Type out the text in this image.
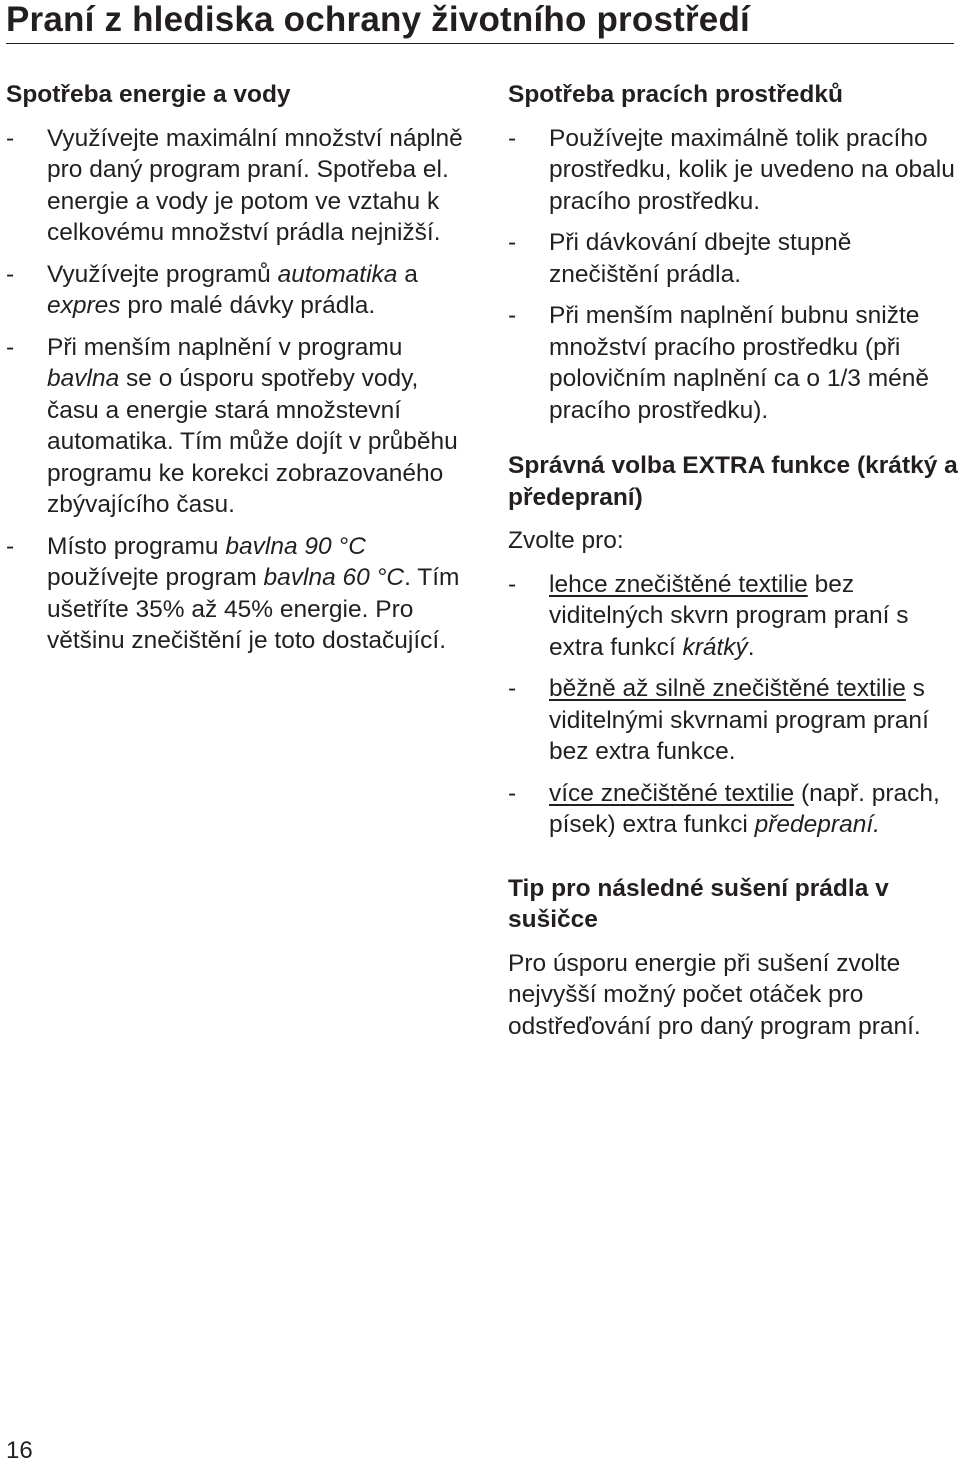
Praní z hlediska ochrany životního prostředí
Spotřeba energie a vody
- Využívejte maximální množství náplně pro daný program praní. Spotřeba el. energie a vody je potom ve vztahu k celkovému množství prádla nejnižší.
- Využívejte programů automatika a expres pro malé dávky prádla.
- Při menším naplnění v programu bavlna se o úsporu spotřeby vody, času a energie stará množstevní automatika. Tím může dojít v průběhu programu ke korekci zobrazovaného zbývajícího času.
- Místo programu bavlna 90 °C používejte program bavlna 60 °C. Tím ušetříte 35% až 45% energie. Pro většinu znečištění je toto dostačující.
Spotřeba pracích prostředků
- Používejte maximálně tolik pracího prostředku, kolik je uvedeno na obalu pracího prostředku.
- Při dávkování dbejte stupně znečištění prádla.
- Při menším naplnění bubnu snižte množství pracího prostředku (při polovičním naplnění ca o 1/3 méně pracího prostředku).
Správná volba EXTRA funkce (krátký a předepraní)

Zvolte pro:

- lehce znečištěné textilie bez viditelných skvrn program praní s extra funkcí krátký.
- běžně až silně znečištěné textilie s viditelnými skvrnami program praní bez extra funkce.
- více znečištěné textilie (např. prach, písek) extra funkci předepraní.
Tip pro následné sušení prádla v sušičce

Pro úsporu energie při sušení zvolte nejvyšší možný počet otáček pro odstřeďování pro daný program praní.

16
